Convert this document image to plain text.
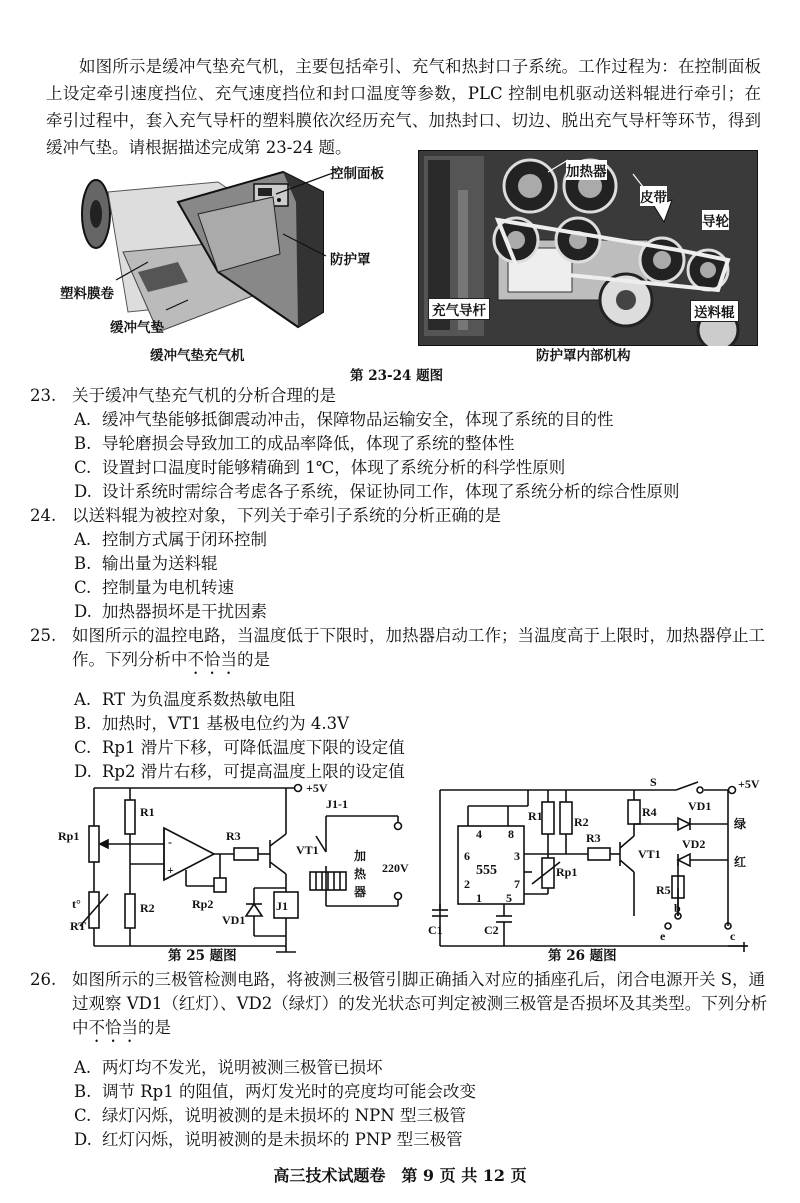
如图所示是缓冲气垫充气机，主要包括牵引、充气和热封口子系统。工作过程为：在控制面板上设定牵引速度挡位、充气速度挡位和封口温度等参数，PLC 控制电机驱动送料辊进行牵引；在牵引过程中，套入充气导杆的塑料膜依次经历充气、加热封口、切边、脱出充气导杆等环节，得到缓冲气垫。请根据描述完成第 23-24 题。

控制面板
防护罩
塑料膜卷
缓冲气垫
缓冲气垫充气机
加热器
皮带
导轮
充气导杆	送料辊
防护罩内部机构
第 23-24 题图
23. 关于缓冲气垫充气机的分析合理的是
A. 缓冲气垫能够抵御震动冲击，保障物品运输安全，体现了系统的目的性
B. 导轮磨损会导致加工的成品率降低，体现了系统的整体性
C. 设置封口温度时能够精确到 1℃，体现了系统分析的科学性原则
D. 设计系统时需综合考虑各子系统，保证协同工作，体现了系统分析的综合性原则
24. 以送料辊为被控对象，下列关于牵引子系统的分析正确的是
A. 控制方式属于闭环控制
B. 输出量为送料辊
C. 控制量为电机转速
D. 加热器损坏是干扰因素
25. 如图所示的温控电路，当温度低于下限时，加热器启动工作；当温度高于上限时，加热器停止工作。下列分析中不恰当的是
A. RT 为负温度系数热敏电阻
B. 加热时，VT1 基极电位约为 4.3V
C. Rp1 滑片下移，可降低温度下限的设定值
D. Rp2 滑片右移，可提高温度上限的设定值
+5V
R1
Rp1	-
+
R3
VT1
J1-1
加
热
器
220V
Rp2
VD1
J1
R2
RT
t°
第 25 题图
S	+5V
4 8
6	3
2	7
1 5
555
R1	R2
R3
R4
Rp1
VT1
VD1
绿
VD2
红
R5
b
e	c
C1	C2
第 26 题图
26. 如图所示的三极管检测电路，将被测三极管引脚正确插入对应的插座孔后，闭合电源开关 S，通过观察 VD1（红灯）、VD2（绿灯）的发光状态可判定被测三极管是否损坏及其类型。下列分析中不恰当的是
A. 两灯均不发光，说明被测三极管已损坏
B. 调节 Rp1 的阻值，两灯发光时的亮度均可能会改变
C. 绿灯闪烁，说明被测的是未损坏的 NPN 型三极管
D. 红灯闪烁，说明被测的是未损坏的 PNP 型三极管
高三技术试题卷　第 9 页 共 12 页
